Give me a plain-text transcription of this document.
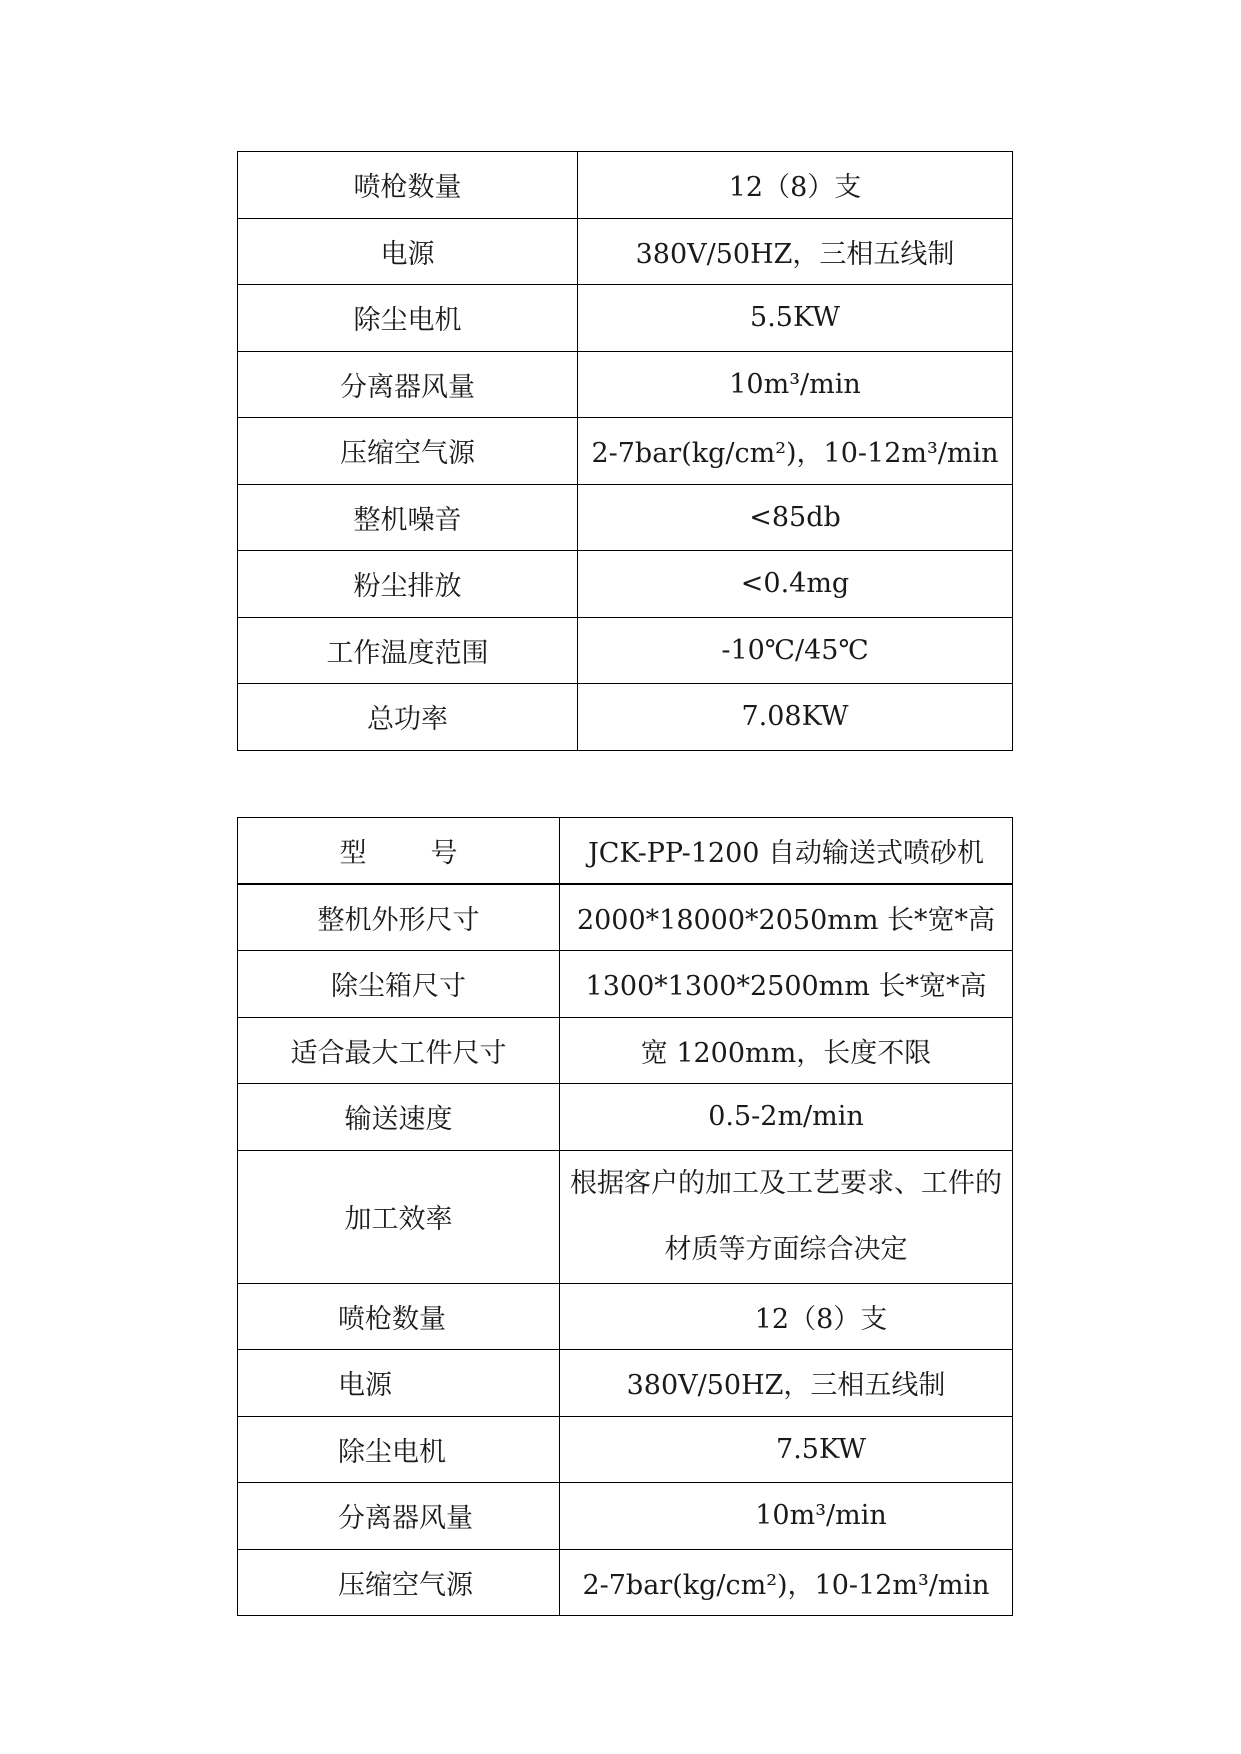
喷枪数量	12（8）支
电源	380V/50HZ，三相五线制
除尘电机	5.5KW
分离器风量	10m³/min
压缩空气源	2-7bar(kg/cm²)，10-12m³/min
整机噪音	<85db
粉尘排放	<0.4mg
工作温度范围	-10℃/45℃
总功率	7.08KW
型号	JCK-PP-1200 自动输送式喷砂机
整机外形尺寸	2000*18000*2050mm 长*宽*高
除尘箱尺寸	1300*1300*2500mm 长*宽*高
适合最大工件尺寸	宽 1200mm，长度不限
输送速度	0.5-2m/min
加工效率	根据客户的加工及工艺要求、工件的材质等方面综合决定
喷枪数量	12（8）支
电源	380V/50HZ，三相五线制
除尘电机	7.5KW
分离器风量	10m³/min
压缩空气源	2-7bar(kg/cm²)，10-12m³/min
